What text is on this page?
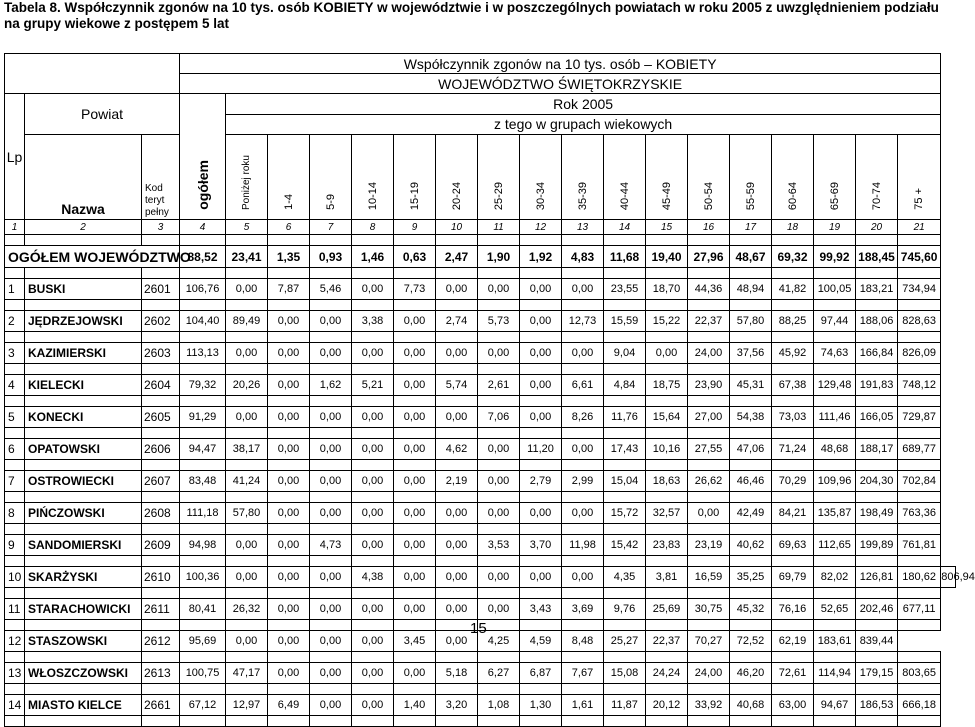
Tabela 8. Współczynnik zgonów na 10 tys. osób KOBIETY w województwie i w poszczególnych powiatach w roku 2005 z uwzględnieniem podziału na grupy wiekowe z postępem 5 lat
			Współczynnik zgonów na 10 tys. osób – KOBIETY																		
			WOJEWÓDZTWO ŚWIĘTOKRZYSKIE																		
Lp	Powiat		ogółem	Rok 2005																	
				z tego w grupach wiekowych																	
	Nazwa	Kod
teryt
pełny		Poniżej roku	1-4	5-9	10-14	15-19	20-24	25-29	30-34	35-39	40-44	45-49	50-54	55-59	60-64	65-69	70-74	75 +	
1	2	3	4	5	6	7	8	9	10	11	12	13	14	15	16	17	18	19	20	21	

OGÓŁEM WOJEWÓDZTWO			88,52	23,41	1,35	0,93	1,46	0,63	2,47	1,90	1,92	4,83	11,68	19,40	27,96	48,67	69,32	99,92	188,45	745,60	

1	BUSKI	2601	106,76	0,00	7,87	5,46	0,00	7,73	0,00	0,00	0,00	0,00	23,55	18,70	44,36	48,94	41,82	100,05	183,21	734,94	

2	JĘDRZEJOWSKI	2602	104,40	89,49	0,00	0,00	3,38	0,00	2,74	5,73	0,00	12,73	15,59	15,22	22,37	57,80	88,25	97,44	188,06	828,63	

3	KAZIMIERSKI	2603	113,13	0,00	0,00	0,00	0,00	0,00	0,00	0,00	0,00	0,00	9,04	0,00	24,00	37,56	45,92	74,63	166,84	826,09	

4	KIELECKI	2604	79,32	20,26	0,00	1,62	5,21	0,00	5,74	2,61	0,00	6,61	4,84	18,75	23,90	45,31	67,38	129,48	191,83	748,12	

5	KONECKI	2605	91,29	0,00	0,00	0,00	0,00	0,00	0,00	7,06	0,00	8,26	11,76	15,64	27,00	54,38	73,03	111,46	166,05	729,87	

6	OPATOWSKI	2606	94,47	38,17	0,00	0,00	0,00	0,00	4,62	0,00	11,20	0,00	17,43	10,16	27,55	47,06	71,24	48,68	188,17	689,77	

7	OSTROWIECKI	2607	83,48	41,24	0,00	0,00	0,00	0,00	2,19	0,00	2,79	2,99	15,04	18,63	26,62	46,46	70,29	109,96	204,30	702,84	

8	PIŃCZOWSKI	2608	111,18	57,80	0,00	0,00	0,00	0,00	0,00	0,00	0,00	0,00	15,72	32,57	0,00	42,49	84,21	135,87	198,49	763,36	

9	SANDOMIERSKI	2609	94,98	0,00	0,00	4,73	0,00	0,00	0,00	3,53	3,70	11,98	15,42	23,83	23,19	40,62	69,63	112,65	199,89	761,81	

10	SKARŻYSKI	2610	100,36	0,00	0,00	0,00	4,38	0,00	0,00	0,00	0,00	0,00	4,35	3,81	16,59	35,25	69,79	82,02	126,81	180,62	806,94

11	STARACHOWICKI	2611	80,41	26,32	0,00	0,00	0,00	0,00	0,00	0,00	3,43	3,69	9,76	25,69	30,75	45,32	76,16	52,65	202,46	677,11	

12	STASZOWSKI	2612	95,69	0,00	0,00	0,00	0,00	3,45	0,00	4,25	4,59	8,48	25,27	22,37	70,27	72,52	62,19	183,61	839,44		

13	WŁOSZCZOWSKI	2613	100,75	47,17	0,00	0,00	0,00	0,00	5,18	6,27	6,87	7,67	15,08	24,24	24,00	46,20	72,61	114,94	179,15	803,65	

14	MIASTO KIELCE	2661	67,12	12,97	6,49	0,00	0,00	1,40	3,20	1,08	1,30	1,61	11,87	20,12	33,92	40,68	63,00	94,67	186,53	666,18	

15
